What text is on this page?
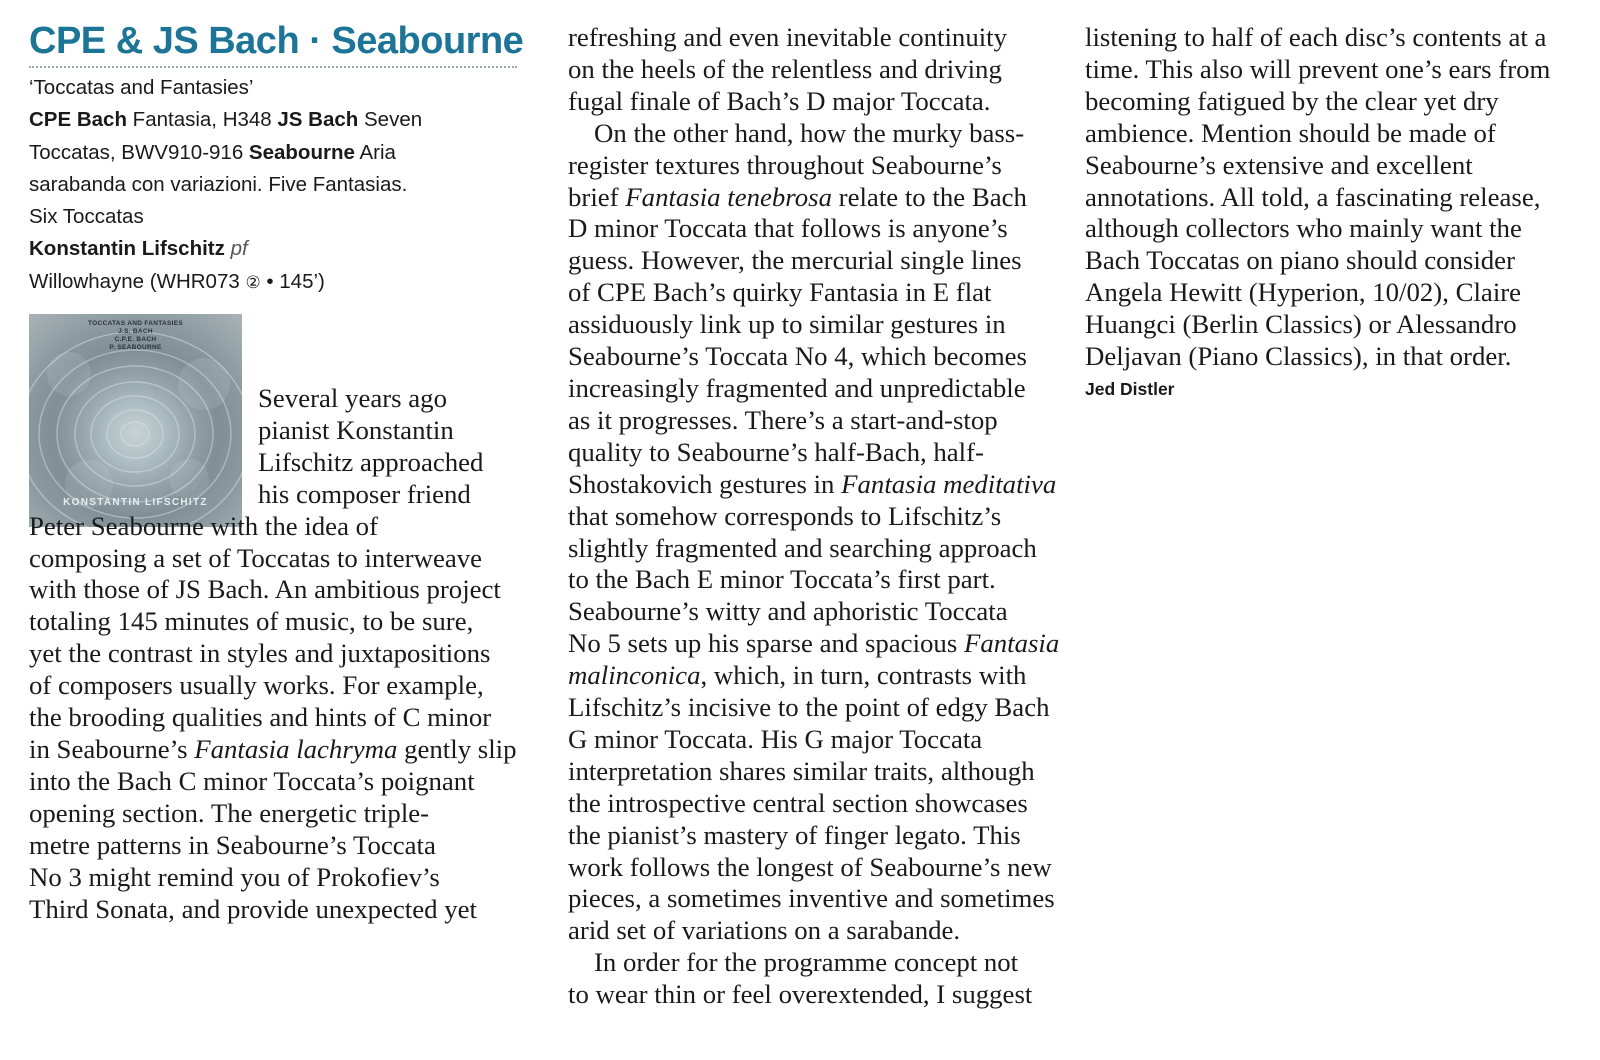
CPE & JS Bach · Seabourne
‘Toccatas and Fantasies’
CPE Bach Fantasia, H348 JS Bach Seven
Toccatas, BWV910-916 Seabourne Aria
sarabanda con variazioni. Five Fantasias.
Six Toccatas
Konstantin Lifschitz pf
Willowhayne (WHR073 ② • 145’)
TOCCATAS AND FANTASIES
J.S. BACH
C.P.E. BACH
P. SEABOURNE
KONSTANTIN LIFSCHITZ
Several years ago
pianist Konstantin
Lifschitz approached
his composer friend
Peter Seabourne with the idea of
composing a set of Toccatas to interweave
with those of JS Bach. An ambitious project
totaling 145 minutes of music, to be sure,
yet the contrast in styles and juxtapositions
of composers usually works. For example,
the brooding qualities and hints of C minor
in Seabourne’s Fantasia lachryma gently slip
into the Bach C minor Toccata’s poignant
opening section. The energetic triple-
metre patterns in Seabourne’s Toccata
No 3 might remind you of Prokofiev’s
Third Sonata, and provide unexpected yet
refreshing and even inevitable continuity
on the heels of the relentless and driving
fugal finale of Bach’s D major Toccata.
On the other hand, how the murky bass-
register textures throughout Seabourne’s
brief Fantasia tenebrosa relate to the Bach
D minor Toccata that follows is anyone’s
guess. However, the mercurial single lines
of CPE Bach’s quirky Fantasia in E flat
assiduously link up to similar gestures in
Seabourne’s Toccata No 4, which becomes
increasingly fragmented and unpredictable
as it progresses. There’s a start-and-stop
quality to Seabourne’s half-Bach, half-
Shostakovich gestures in Fantasia meditativa
that somehow corresponds to Lifschitz’s
slightly fragmented and searching approach
to the Bach E minor Toccata’s first part.
Seabourne’s witty and aphoristic Toccata
No 5 sets up his sparse and spacious Fantasia
malinconica, which, in turn, contrasts with
Lifschitz’s incisive to the point of edgy Bach
G minor Toccata. His G major Toccata
interpretation shares similar traits, although
the introspective central section showcases
the pianist’s mastery of finger legato. This
work follows the longest of Seabourne’s new
pieces, a sometimes inventive and sometimes
arid set of variations on a sarabande.
In order for the programme concept not
to wear thin or feel overextended, I suggest
listening to half of each disc’s contents at a
time. This also will prevent one’s ears from
becoming fatigued by the clear yet dry
ambience. Mention should be made of
Seabourne’s extensive and excellent
annotations. All told, a fascinating release,
although collectors who mainly want the
Bach Toccatas on piano should consider
Angela Hewitt (Hyperion, 10/02), Claire
Huangci (Berlin Classics) or Alessandro
Deljavan (Piano Classics), in that order.
Jed Distler
